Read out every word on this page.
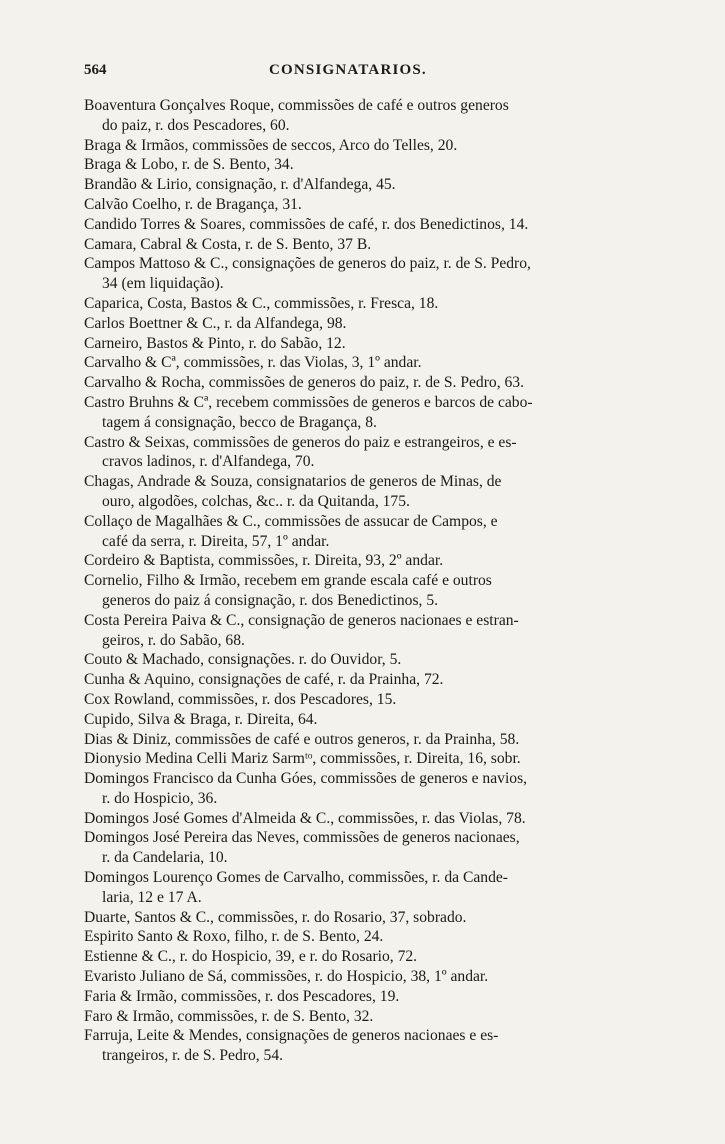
564	CONSIGNATARIOS.
Boaventura Gonçalves Roque, commissões de café e outros generos
do paiz, r. dos Pescadores, 60.
Braga & Irmãos, commissões de seccos, Arco do Telles, 20.
Braga & Lobo, r. de S. Bento, 34.
Brandão & Lirio, consignação, r. d'Alfandega, 45.
Calvão Coelho, r. de Bragança, 31.
Candido Torres & Soares, commissões de café, r. dos Benedictinos, 14.
Camara, Cabral & Costa, r. de S. Bento, 37 B.
Campos Mattoso & C., consignações de generos do paiz, r. de S. Pedro,
34 (em liquidação).
Caparica, Costa, Bastos & C., commissões, r. Fresca, 18.
Carlos Boettner & C., r. da Alfandega, 98.
Carneiro, Bastos & Pinto, r. do Sabão, 12.
Carvalho & Cª, commissões, r. das Violas, 3, 1º andar.
Carvalho & Rocha, commissões de generos do paiz, r. de S. Pedro, 63.
Castro Bruhns & Cª, recebem commissões de generos e barcos de cabo-
tagem á consignação, becco de Bragança, 8.
Castro & Seixas, commissões de generos do paiz e estrangeiros, e es-
cravos ladinos, r. d'Alfandega, 70.
Chagas, Andrade & Souza, consignatarios de generos de Minas, de
ouro, algodões, colchas, &c.. r. da Quitanda, 175.
Collaço de Magalhães & C., commissões de assucar de Campos, e
café da serra, r. Direita, 57, 1º andar.
Cordeiro & Baptista, commissões, r. Direita, 93, 2º andar.
Cornelio, Filho & Irmão, recebem em grande escala café e outros
generos do paiz á consignação, r. dos Benedictinos, 5.
Costa Pereira Paiva & C., consignação de generos nacionaes e estran-
geiros, r. do Sabão, 68.
Couto & Machado, consignações. r. do Ouvidor, 5.
Cunha & Aquino, consignações de café, r. da Prainha, 72.
Cox Rowland, commissões, r. dos Pescadores, 15.
Cupido, Silva & Braga, r. Direita, 64.
Dias & Diniz, commissões de café e outros generos, r. da Prainha, 58.
Dionysio Medina Celli Mariz Sarmᵗᵒ, commissões, r. Direita, 16, sobr.
Domingos Francisco da Cunha Góes, commissões de generos e navios,
r. do Hospicio, 36.
Domingos José Gomes d'Almeida & C., commissões, r. das Violas, 78.
Domingos José Pereira das Neves, commissões de generos nacionaes,
r. da Candelaria, 10.
Domingos Lourenço Gomes de Carvalho, commissões, r. da Cande-
laria, 12 e 17 A.
Duarte, Santos & C., commissões, r. do Rosario, 37, sobrado.
Espirito Santo & Roxo, filho, r. de S. Bento, 24.
Estienne & C., r. do Hospicio, 39, e r. do Rosario, 72.
Evaristo Juliano de Sá, commissões, r. do Hospicio, 38, 1º andar.
Faria & Irmão, commissões, r. dos Pescadores, 19.
Faro & Irmão, commissões, r. de S. Bento, 32.
Farruja, Leite & Mendes, consignações de generos nacionaes e es-
trangeiros, r. de S. Pedro, 54.
